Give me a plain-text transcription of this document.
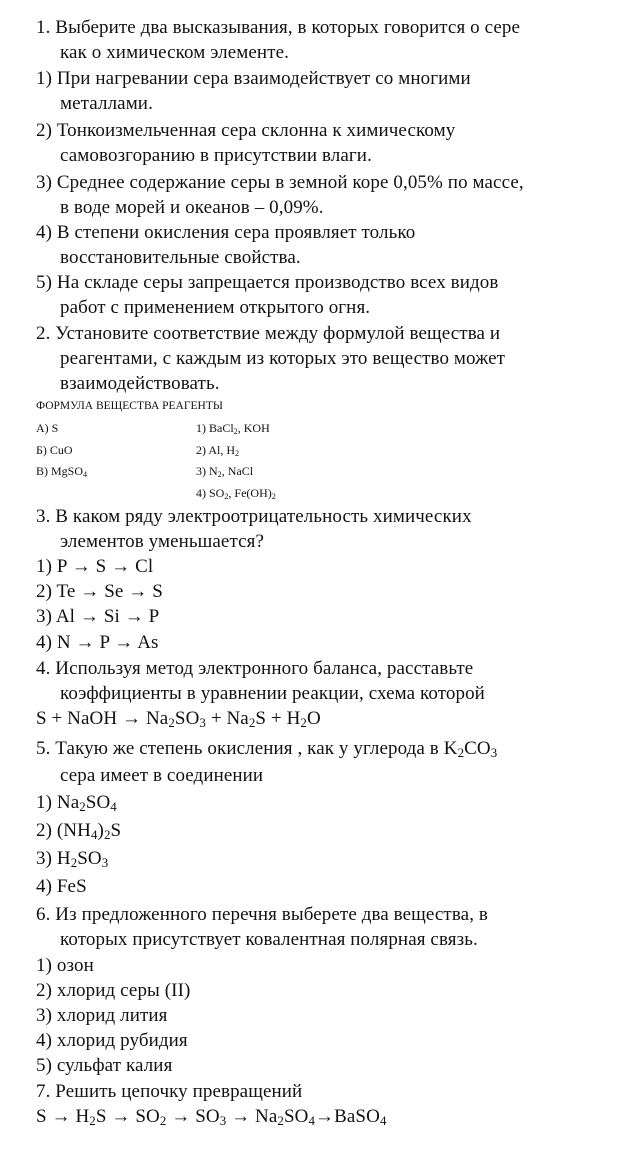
1. Выберите два высказывания, в которых говорится о сере
как о химическом элементе.
1) При нагревании сера взаимодействует со многими
металлами.
2) Тонкоизмельченная сера склонна к химическому
самовозгоранию в присутствии влаги.
3) Среднее содержание серы в земной коре 0,05% по массе,
в воде морей и океанов – 0,09%.
4) В степени окисления сера проявляет только
восстановительные свойства.
5) На складе серы запрещается производство всех видов
работ с применением открытого огня.
2. Установите соответствие между формулой вещества и
реагентами, с каждым из которых это вещество может
взаимодействовать.
ФОРМУЛА ВЕЩЕСТВА РЕАГЕНТЫ
А) S
Б) CuO
В) MgSO$_4$
1) BaCl$_2$, KOH
2) Al, $H_2$
3) $N_2$, NaCl
4) $SO_2$, $Fe(OH)_2$
3. В каком ряду электроотрицательность химических
элементов уменьшается?
1) P → S → Cl
2) Te → Se → S
3) Al → Si → P
4) N → P → As
4. Используя метод электронного баланса, расставьте
коэффициенты в уравнении реакции, схема которой
S + NaOH → $Na_2SO_3 + Na_2S + H_2O$
5. Такую же степень окисления , как у углерода в $K_2CO_3$
сера имеет в соединении
1) $Na_2SO_4$
2) $(NH_4)_2S$
3) $H_2SO_3$
4) FeS
6. Из предложенного перечня выберете два вещества, в
которых присутствует ковалентная полярная связь.
1) озон
2) хлорид серы (II)
3) хлорид лития
4) хлорид рубидия
5) сульфат калия
7. Решить цепочку превращений
$S \to H_2S \to SO_2 \to SO_3$ → $Na_2SO_4\to BaSO_4$
